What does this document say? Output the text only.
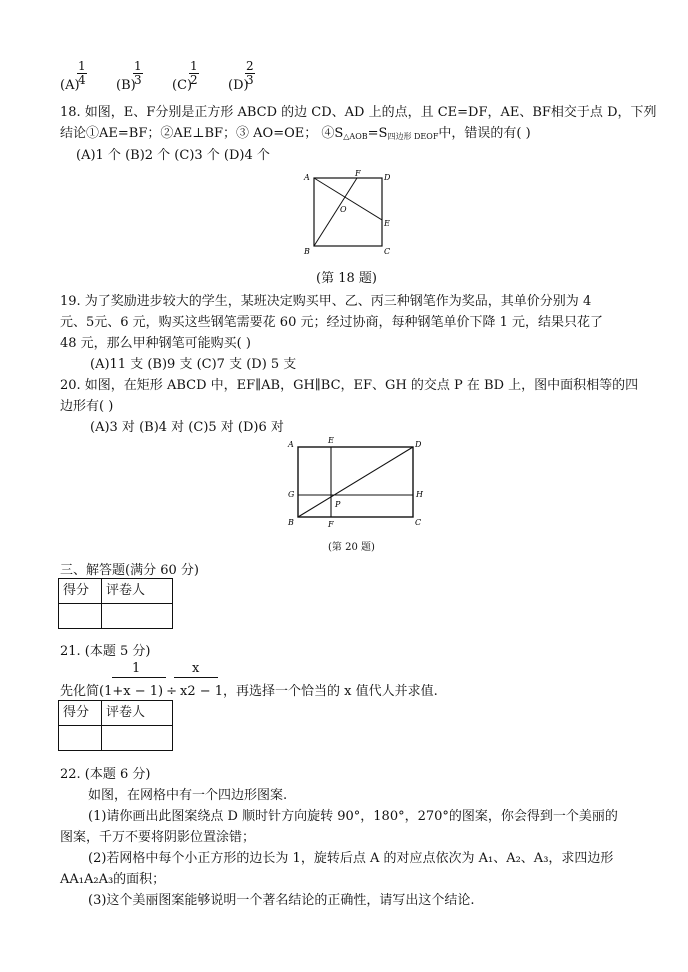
(A)
$\frac{1}{4} (B)$
$\frac{1}{3} (C)$
$\frac{1}{2} (D)$
$\frac{2}{3}$
18. 如图，E、F分别是正方形 ABCD 的边 CD、AD 上的点，且 CE=DF，AE、BF相交于点 D，下列
结论①AE=BF；②AE⊥BF；③ AO=OE； $④S_{\triangle AOB}=S_{四边形 DEOF}$中，错误的有( )
(A)1 个 (B)2 个 (C)3 个 (D)4 个
A	F	D
O
E
B	C
(第 18 题)
19. 为了奖励进步较大的学生，某班决定购买甲、乙、丙三种钢笔作为奖品，其单价分别为 4
元、5元、6 元，购买这些钢笔需要花 60 元；经过协商，每种钢笔单价下降 1 元，结果只花了
48 元，那么甲种钢笔可能购买( )
(A)11 支 (B)9 支 (C)7 支 (D) 5 支
20. 如图，在矩形 ABCD 中，EF∥AB，GH∥BC，EF、GH 的交点 P 在 BD 上，图中面积相等的四
边形有( )
(A)3 对 (B)4 对 (C)5 对 (D)6 对
A	E	D
G
P
H
B	F	C
(第 20 题)
三、解答题(满分 60 分)
得分	评卷人

21. (本题 5 分)
1	x
先化简(1+x − 1) ÷ x2 − 1，再选择一个恰当的 x 值代人并求值.
得分	评卷人

22. (本题 6 分)
如图，在网格中有一个四边形图案.
(1)请你画出此图案绕点 D 顺时针方向旋转 90°，180°，270°的图案，你会得到一个美丽的
图案，千万不要将阴影位置涂错；
(2)若网格中每个小正方形的边长为 1，旋转后点 A 的对应点依次为 A₁、A₂、A₃，求四边形
AA₁A₂A₃的面积；
(3)这个美丽图案能够说明一个著名结论的正确性，请写出这个结论.
